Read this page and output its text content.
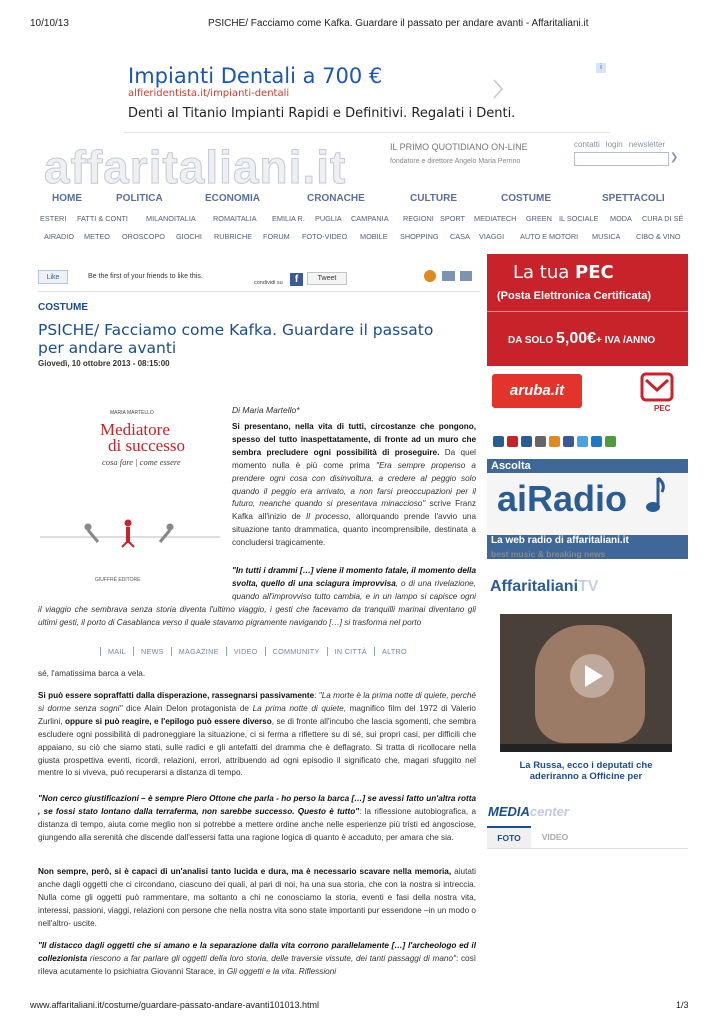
10/10/13	PSICHE/ Facciamo come Kafka. Guardare il passato per andare avanti - Affaritaliani.it
i
Impianti Dentali a 700 €
alfieridentista.it/impianti-dentali
Denti al Titanio Impianti Rapidi e Definitivi. Regalati i Denti.
affaritaliani.it	IL PRIMO QUOTIDIANO ON-LINE
fondatore e direttore Angelo Maria Perrino
contatti login newsletter
❯
HOME	POLITICA	ECONOMIA	CRONACHE	CULTURE	COSTUME	SPETTACOLI
ESTERI FATTI & CONTI MILANOITALIA ROMAITALIA EMILIA R. PUGLIA CAMPANIA REGIONI SPORT MEDIATECH GREEN IL SOCIALE MODA CURA DI SÉ
AIRADIO METEO OROSCOPO GIOCHI RUBRICHE FORUM FOTO-VIDEO MOBILE SHOPPING CASA VIAGGI AUTO E MOTORI MUSICA CIBO & VINO
Like	Be the first of your friends to like this.
condividi su	f	Tweet
COSTUME
PSICHE/ Facciamo come Kafka. Guardare il passato per andare avanti
Giovedì, 10 ottobre 2013 - 08:15:00
MARIA MARTELLO
Mediatore
di successo
cosa fare | come essere
GIUFFRÈ EDITORE
Di Maria Martello*
Si presentano, nella vita di tutti, circostanze che pongono, spesso del tutto inaspettatamente, di fronte ad un muro che sembra precludere ogni possibilità di proseguire. Da quel momento nulla è più come prima "Era sempre propenso a prendere ogni cosa con disinvoltura, a credere al peggio solo quando il peggio era arrivato, a non farsi preoccupazioni per il futuro, neanche quando si presentava minaccioso" scrive Franz Kafka all'inizio de Il processo, allorquando prende l'avvio una situazione tanto drammatica, quanto incomprensibile, destinata a concludersi tragicamente.
"In tutti i drammi […] viene il momento fatale, il momento della svolta, quello di una sciagura improvvisa, o di una rivelazione, quando all'improvviso tutto cambia, e in un lampo si capisce ogni
il viaggio che sembrava senza storia diventa l'ultimo viaggio, i gesti che facevamo da tranquilli marinai diventano gli ultimi gesti, il porto di Casablanca verso il quale stavamo pigramente navigando […] si trasforma nel porto
MAIL NEWS MAGAZINE VIDEO COMMUNITY IN CITTÀ ALTRO
sé, l'amatissima barca a vela.
Si può essere sopraffatti dalla disperazione, rassegnarsi passivamente: "La morte è la prima notte di quiete, perché si dorme senza sogni" dice Alain Delon protagonista de La prima notte di quiete, magnifico film del 1972 di Valerio Zurlini, oppure si può reagire, e l'epilogo può essere diverso, se di fronte all'incubo che lascia sgomenti, che sembra escludere ogni possibilità di padroneggiare la situazione, ci si ferma a riflettere su di sé, sui propri casi, per difficili che appaiano, su ciò che siamo stati, sulle radici e gli antefatti del dramma che è deflagrato. Si tratta di ricollocare nella giusta prospettiva eventi, ricordi, relazioni, errori, attribuendo ad ogni episodio il significato che, magari sfuggito nel mentre lo si viveva, può recuperarsi a distanza di tempo.
"Non cerco giustificazioni – è sempre Piero Ottone che parla - ho perso la barca […] se avessi fatto un'altra rotta , se fossi stato lontano dalla terraferma, non sarebbe successo. Questo è tutto": la riflessione autobiografica, a distanza di tempo, aiuta come meglio non si potrebbe a mettere ordine anche nelle esperienze più tristi ed angosciose, giungendo alla serenità che discende dall'essersi fatta una ragione logica di quanto è accaduto, per amara che sia.
Non sempre, però, si è capaci di un'analisi tanto lucida e dura, ma è necessario scavare nella memoria, aiutati anche dagli oggetti che ci circondano, ciascuno dei quali, al pari di noi, ha una sua storia, che con la nostra si intreccia. Nulla come gli oggetti può rammentare, ma soltanto a chi ne conosciamo la storia, eventi e fasi della nostra vita, interessi, passioni, viaggi, relazioni con persone che nella nostra vita sono state importanti pur essendone –in un modo o nell'altro- uscite.
"Il distacco dagli oggetti che si amano e la separazione dalla vita corrono parallelamente […] l'archeologo ed il collezionista riescono a far parlare gli oggetti della loro storia, delle traversie vissute, dei tanti passaggi di mano": così rileva acutamente lo psichiatra Giovanni Starace, in Gli oggetti e la vita. Riflessioni
La tua PEC
(Posta Elettronica Certificata)
DA SOLO 5,00€+ IVA /ANNO
aruba.it
PEC
Ascolta
aiRadio
La web radio di affaritaliani.it
best music & breaking news
AffaritalianiTV
La Russa, ecco i deputati che aderiranno a Officine per
MEDIAcenter
FOTO	VIDEO
www.affaritaliani.it/costume/guardare-passato-andare-avanti101013.html	1/3
